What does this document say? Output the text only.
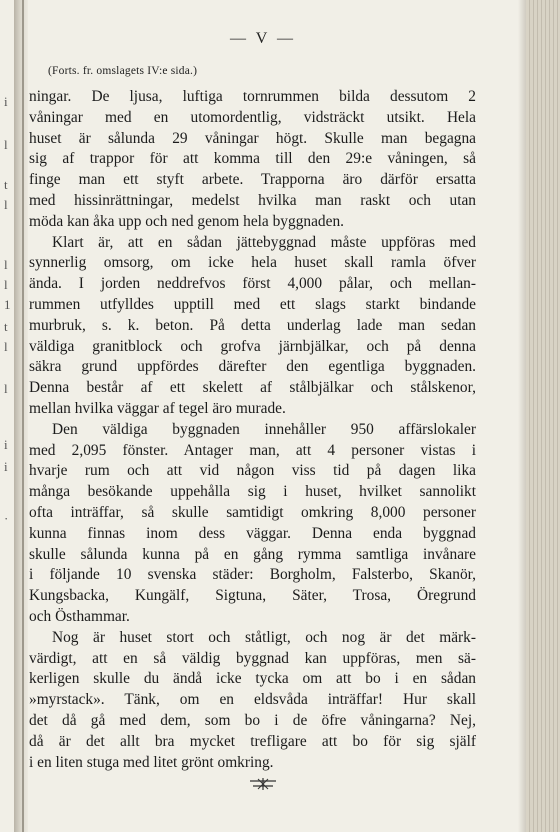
i
l
t
l
l
l
1
t
l
l
i
i
·
— V —
(Forts. fr. omslagets IV:e sida.)
ningar. De ljusa, luftiga tornrummen bilda dessutom 2
våningar med en utomordentlig, vidsträckt utsikt. Hela
huset är sålunda 29 våningar högt. Skulle man begagna
sig af trappor för att komma till den 29:e våningen, så
finge man ett styft arbete. Trapporna äro därför ersatta
med hissinrättningar, medelst hvilka man raskt och utan
möda kan åka upp och ned genom hela byggnaden.
Klart är, att en sådan jättebyggnad måste uppföras med
synnerlig omsorg, om icke hela huset skall ramla öfver
ända. I jorden neddrefvos först 4,000 pålar, och mellan-
rummen utfylldes upptill med ett slags starkt bindande
murbruk, s. k. beton. På detta underlag lade man sedan
väldiga granitblock och grofva järnbjälkar, och på denna
säkra grund uppfördes därefter den egentliga byggnaden.
Denna består af ett skelett af stålbjälkar och stålskenor,
mellan hvilka väggar af tegel äro murade.
Den väldiga byggnaden innehåller 950 affärslokaler
med 2,095 fönster. Antager man, att 4 personer vistas i
hvarje rum och att vid någon viss tid på dagen lika
många besökande uppehålla sig i huset, hvilket sannolikt
ofta inträffar, så skulle samtidigt omkring 8,000 personer
kunna finnas inom dess väggar. Denna enda byggnad
skulle sålunda kunna på en gång rymma samtliga invånare
i följande 10 svenska städer: Borgholm, Falsterbo, Skanör,
Kungsbacka, Kungälf, Sigtuna, Säter, Trosa, Öregrund
och Östhammar.
Nog är huset stort och ståtligt, och nog är det märk-
värdigt, att en så väldig byggnad kan uppföras, men sä-
kerligen skulle du ändå icke tycka om att bo i en sådan
»myrstack». Tänk, om en eldsvåda inträffar! Hur skall
det då gå med dem, som bo i de öfre våningarna? Nej,
då är det allt bra mycket trefligare att bo för sig själf
i en liten stuga med litet grönt omkring.
